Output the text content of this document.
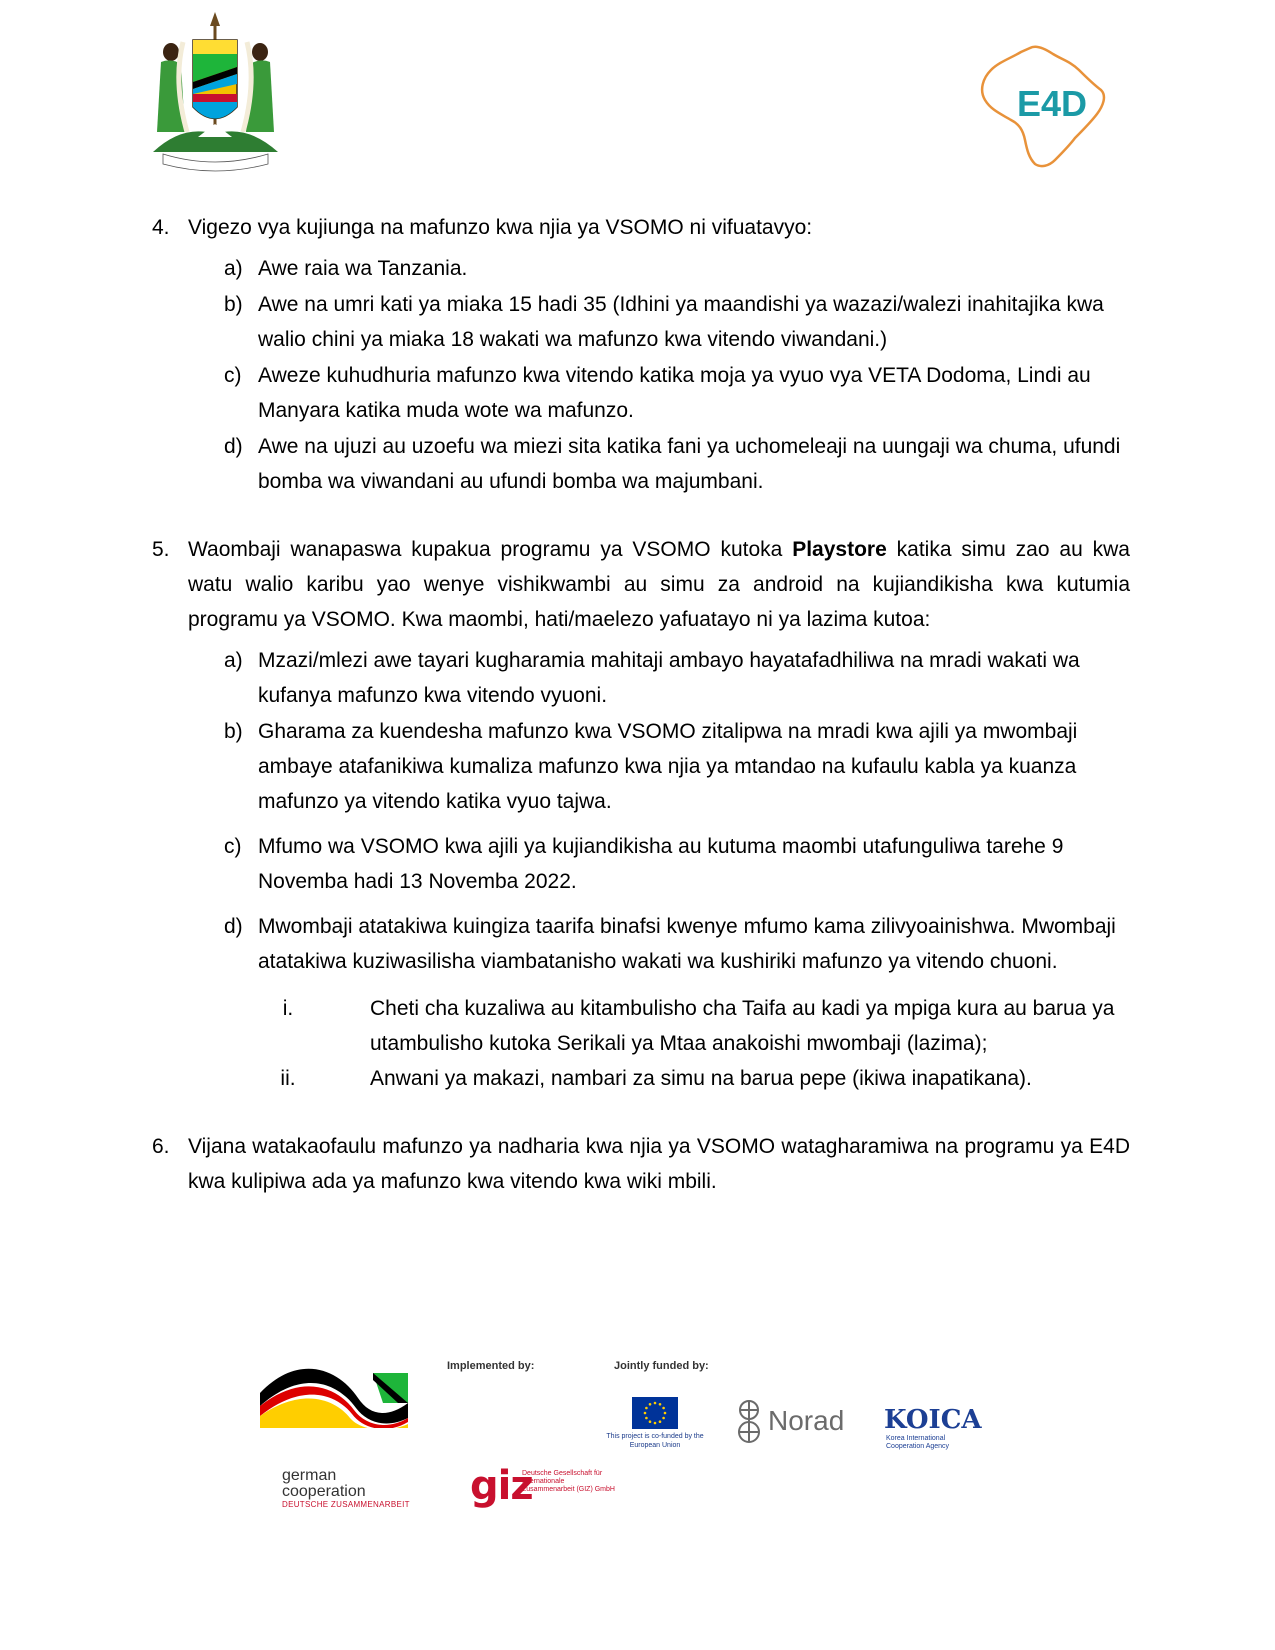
E4D
4. Vigezo vya kujiunga na mafunzo kwa njia ya VSOMO ni vifuatavyo:

a) Awe raia wa Tanzania.
b) Awe na umri kati ya miaka 15 hadi 35 (Idhini ya maandishi ya wazazi/walezi inahitajika kwa walio chini ya miaka 18 wakati wa mafunzo kwa vitendo viwandani.)
c) Aweze kuhudhuria mafunzo kwa vitendo katika moja ya vyuo vya VETA Dodoma, Lindi au Manyara katika muda wote wa mafunzo.
d) Awe na ujuzi au uzoefu wa miezi sita katika fani ya uchomeleaji na uungaji wa chuma, ufundi bomba wa viwandani au ufundi bomba wa majumbani.
5. Waombaji wanapaswa kupakua programu ya VSOMO kutoka Playstore katika simu zao au kwa watu walio karibu yao wenye vishikwambi au simu za android na kujiandikisha kwa kutumia programu ya VSOMO. Kwa maombi, hati/maelezo yafuatayo ni ya lazima kutoa:

a) Mzazi/mlezi awe tayari kugharamia mahitaji ambayo hayatafadhiliwa na mradi wakati wa kufanya mafunzo kwa vitendo vyuoni.
b) Gharama za kuendesha mafunzo kwa VSOMO zitalipwa na mradi kwa ajili ya mwombaji ambaye atafanikiwa kumaliza mafunzo kwa njia ya mtandao na kufaulu kabla ya kuanza mafunzo ya vitendo katika vyuo tajwa.
c) Mfumo wa VSOMO kwa ajili ya kujiandikisha au kutuma maombi utafunguliwa tarehe 9 Novemba hadi 13 Novemba 2022.
d) Mwombaji atatakiwa kuingiza taarifa binafsi kwenye mfumo kama zilivyoainishwa. Mwombaji atatakiwa kuziwasilisha viambatanisho wakati wa kushiriki mafunzo ya vitendo chuoni.
i.	Cheti cha kuzaliwa au kitambulisho cha Taifa au kadi ya mpiga kura au barua ya utambulisho kutoka Serikali ya Mtaa anakoishi mwombaji (lazima);
ii.	Anwani ya makazi, nambari za simu na barua pepe (ikiwa inapatikana).
6. Vijana watakaofaulu mafunzo ya nadharia kwa njia ya VSOMO watagharamiwa na programu ya E4D kwa kulipiwa ada ya mafunzo kwa vitendo kwa wiki mbili.

german
cooperation
DEUTSCHE ZUSAMMENARBEIT
Implemented by:
giz
Deutsche Gesellschaft für Internationale Zusammenarbeit (GIZ) GmbH
Jointly funded by:
This project is co-funded by the European Union
Norad KOICA
Korea International
Cooperation Agency
